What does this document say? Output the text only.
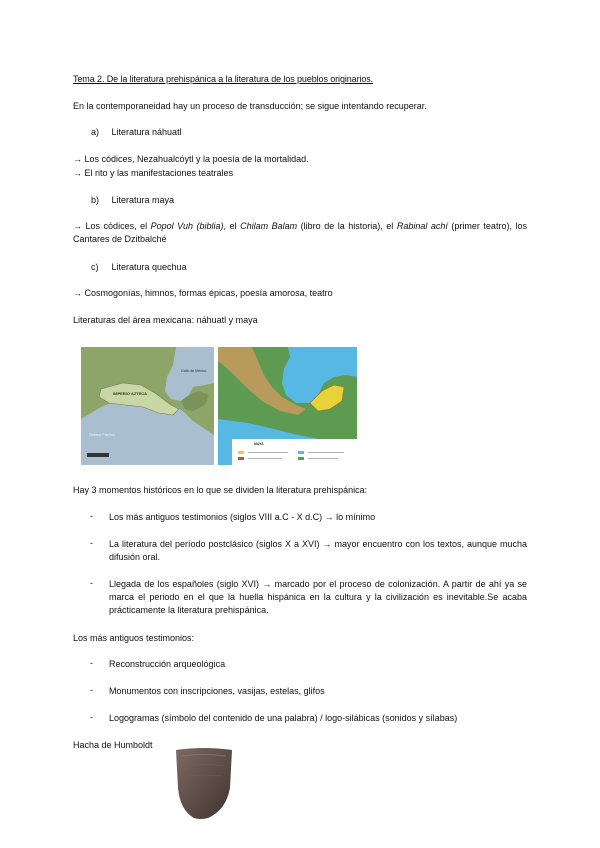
Tema 2. De la literatura prehispánica a la literatura de los pueblos originarios.
En la contemporaneidad hay un proceso de transducción; se sigue intentando recuperar.
a) Literatura náhuatl
→ Los códices, Nezahualcóytl y la poesía de la mortalidad.
→ El rito y las manifestaciones teatrales
b) Literatura maya
→ Los códices, el Popol Vuh (biblia), el Chilam Balam (libro de la historia), el Rabinal achí (primer teatro), los Cantares de Dzitbalché
c) Literatura quechua
→ Cosmogonías, himnos, formas épicas, poesía amorosa, teatro
Literaturas del área mexicana: náhuatl y maya
IMPERIO AZTECA
Golfo de México
Océano Pacífico
MAYA
Hay 3 momentos históricos en lo que se dividen la literatura prehispánica:
- Los más antiguos testimonios (siglos VIII a.C - X d.C) → lo mínimo
- La literatura del período postclásico (siglos X a XVI) → mayor encuentro con los textos, aunque mucha difusión oral.
- Llegada de los españoles (siglo XVI) → marcado por el proceso de colonización. A partir de ahí ya se marca el periodo en el que la huella hispánica en la cultura y la civilización es inevitable.Se acaba prácticamente la literatura prehispánica.
Los más antiguos testimonios:
- Reconstrucción arqueológica
- Monumentos con inscripciones, vasijas, estelas, glifos
- Logogramas (símbolo del contenido de una palabra) / logo-silábicas (sonidos y sílabas)
Hacha de Humboldt
